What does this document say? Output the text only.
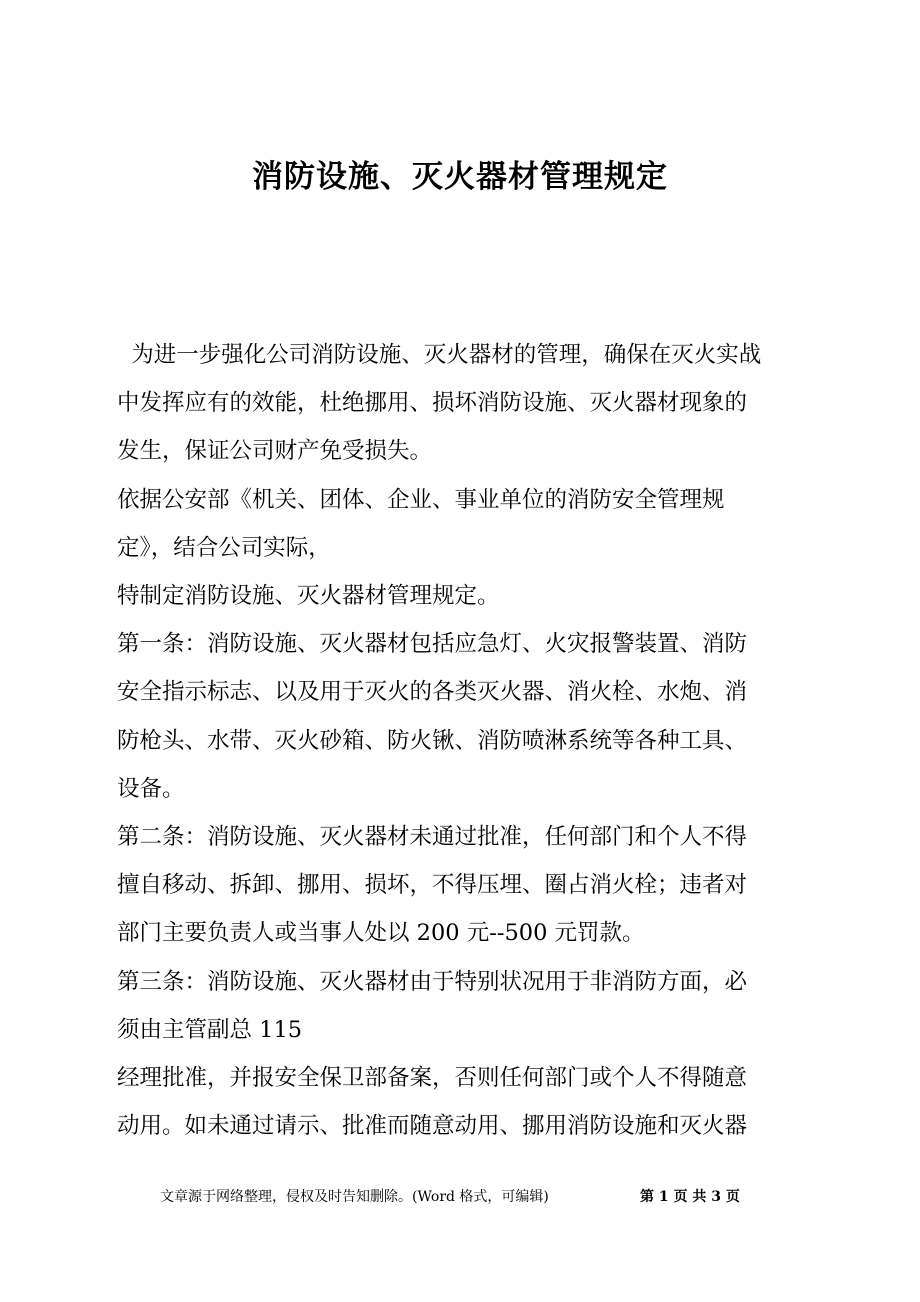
消防设施、灭火器材管理规定

为进一步强化公司消防设施、灭火器材的管理，确保在灭火实战

中发挥应有的效能，杜绝挪用、损坏消防设施、灭火器材现象的

发生，保证公司财产免受损失。

依据公安部《机关、团体、企业、事业单位的消防安全管理规

定》，结合公司实际，

特制定消防设施、灭火器材管理规定。

第一条：消防设施、灭火器材包括应急灯、火灾报警装置、消防

安全指示标志、以及用于灭火的各类灭火器、消火栓、水炮、消

防枪头、水带、灭火砂箱、防火锹、消防喷淋系统等各种工具、

设备。

第二条：消防设施、灭火器材未通过批准，任何部门和个人不得

擅自移动、拆卸、挪用、损坏，不得压埋、圈占消火栓；违者对

部门主要负责人或当事人处以 200 元--500 元罚款。

第三条：消防设施、灭火器材由于特别状况用于非消防方面，必

须由主管副总 115

经理批准，并报安全保卫部备案，否则任何部门或个人不得随意

动用。如未通过请示、批准而随意动用、挪用消防设施和灭火器

文章源于网络整理，侵权及时告知删除。(Word 格式，可编辑)	第 1 页 共 3 页
